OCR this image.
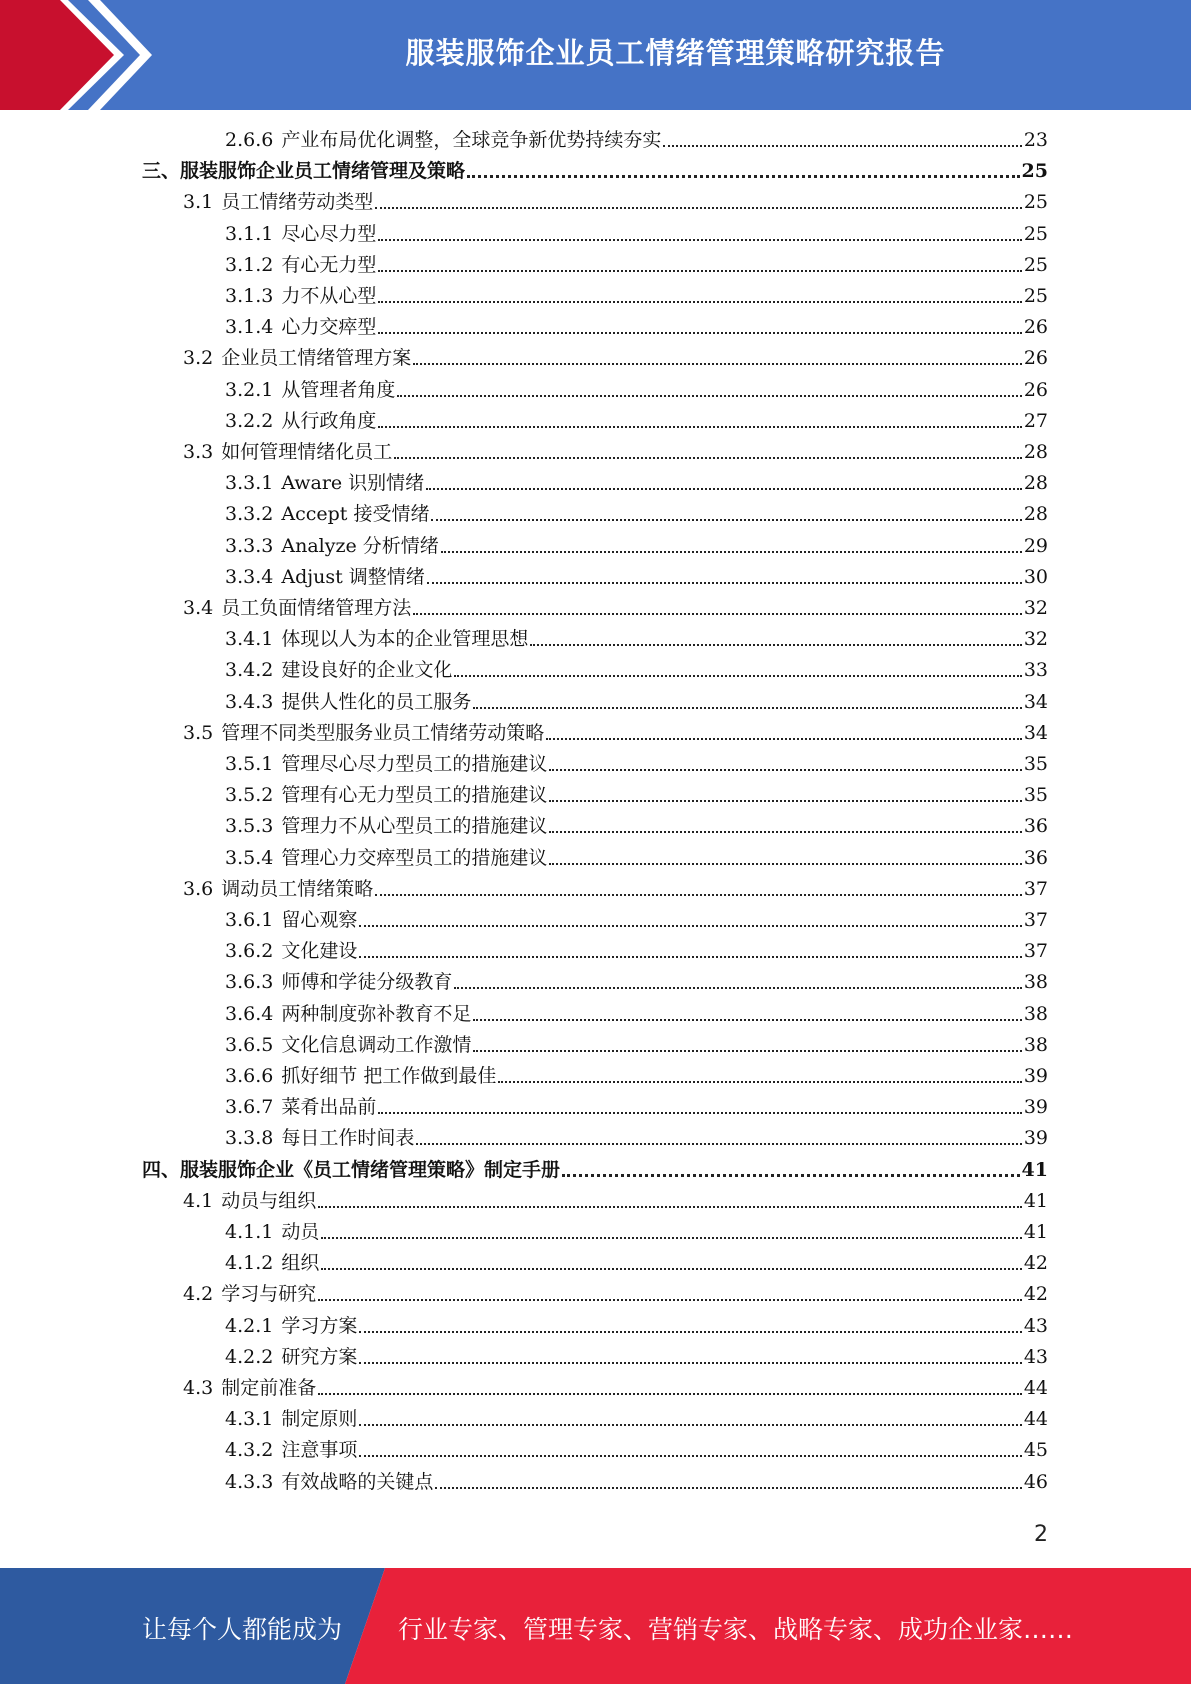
服装服饰企业员工情绪管理策略研究报告
2.6.6 产业布局优化调整，全球竞争新优势持续夯实	23
三、服装服饰企业员工情绪管理及策略	25
3.1 员工情绪劳动类型	25
3.1.1 尽心尽力型	25
3.1.2 有心无力型	25
3.1.3 力不从心型	25
3.1.4 心力交瘁型	26
3.2 企业员工情绪管理方案	26
3.2.1 从管理者角度	26
3.2.2 从行政角度	27
3.3 如何管理情绪化员工	28
3.3.1 Aware 识别情绪	28
3.3.2 Accept 接受情绪	28
3.3.3 Analyze 分析情绪	29
3.3.4 Adjust 调整情绪	30
3.4 员工负面情绪管理方法	32
3.4.1 体现以人为本的企业管理思想	32
3.4.2 建设良好的企业文化	33
3.4.3 提供人性化的员工服务	34
3.5 管理不同类型服务业员工情绪劳动策略	34
3.5.1 管理尽心尽力型员工的措施建议	35
3.5.2 管理有心无力型员工的措施建议	35
3.5.3 管理力不从心型员工的措施建议	36
3.5.4 管理心力交瘁型员工的措施建议	36
3.6 调动员工情绪策略	37
3.6.1 留心观察	37
3.6.2 文化建设	37
3.6.3 师傅和学徒分级教育	38
3.6.4 两种制度弥补教育不足	38
3.6.5 文化信息调动工作激情	38
3.6.6 抓好细节 把工作做到最佳	39
3.6.7 菜肴出品前	39
3.3.8 每日工作时间表	39
四、服装服饰企业《员工情绪管理策略》制定手册	41
4.1 动员与组织	41
4.1.1 动员	41
4.1.2 组织	42
4.2 学习与研究	42
4.2.1 学习方案	43
4.2.2 研究方案	43
4.3 制定前准备	44
4.3.1 制定原则	44
4.3.2 注意事项	45
4.3.3 有效战略的关键点	46
2
让每个人都能成为 行业专家、管理专家、营销专家、战略专家、成功企业家……
